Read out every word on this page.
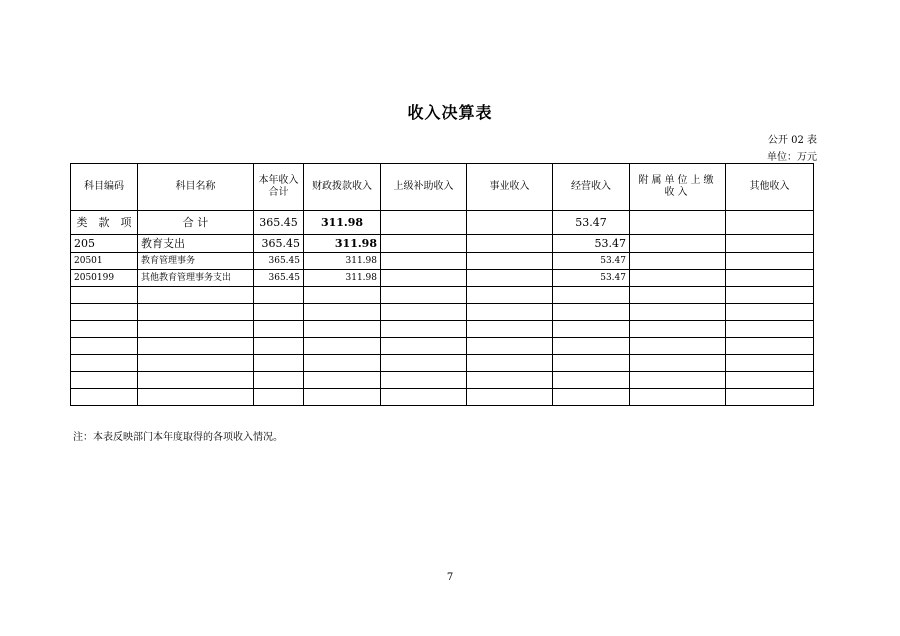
收入决算表
公开 02 表
单位：万元
科目编码	科目名称	本年收入合计	财政拨款收入	上级补助收入	事业收入	经营收入	附属单位上缴收入	其他收入
类 款 项	合 计	365.45	311.98			53.47		
205	教育支出	365.45	311.98			53.47		
20501	教育管理事务	365.45	311.98			53.47		
2050199	其他教育管理事务支出	365.45	311.98			53.47		

注：本表反映部门本年度取得的各项收入情况。
7
